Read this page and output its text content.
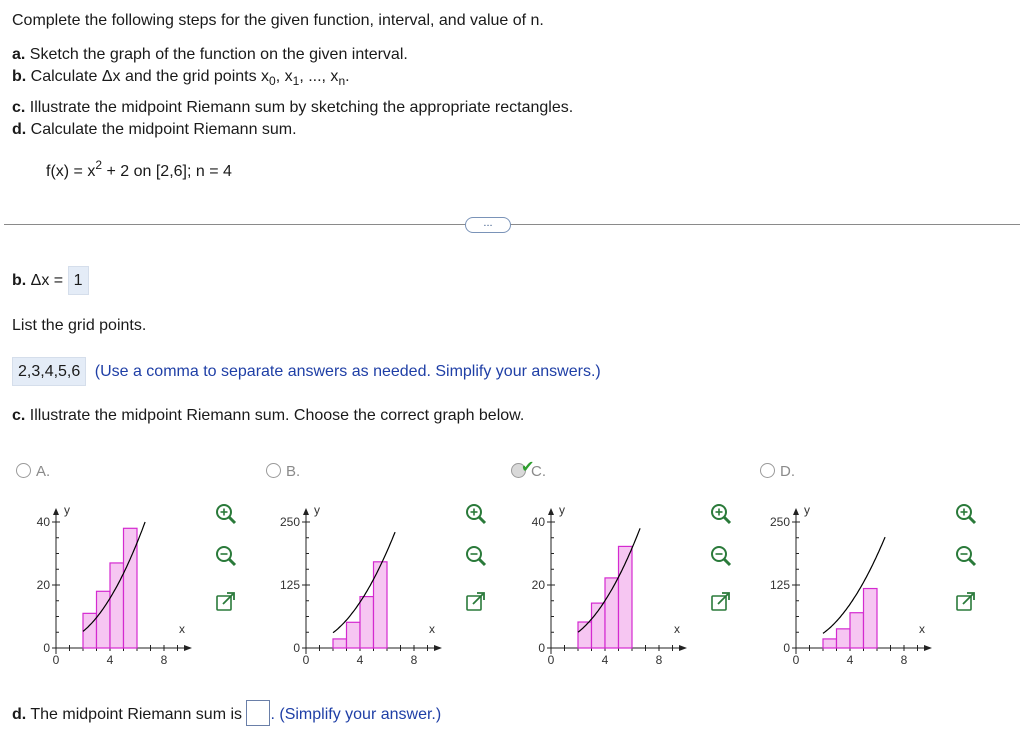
Complete the following steps for the given function, interval, and value of n.
a. Sketch the graph of the function on the given interval.
b. Calculate Δx and the grid points $x_0$, $x_1$, ..., $x_n$.
c. Illustrate the midpoint Riemann sum by sketching the appropriate rectangles.
d. Calculate the midpoint Riemann sum.
$f(x) = x^2 + 2$ on [2,6]; n = 4
...
b. Δx = 1
List the grid points.
2,3,4,5,6 (Use a comma to separate answers as needed. Simplify your answers.)
c. Illustrate the midpoint Riemann sum. Choose the correct graph below.
A.	B.	C.
✔	D.
y
x
40
20
0
0	4	8
y
x
250
125
0
0	4	8
y
x
40
20
0
0	4	8
y
x
250
125
0
0	4	8
d. The midpoint Riemann sum is . (Simplify your answer.)
